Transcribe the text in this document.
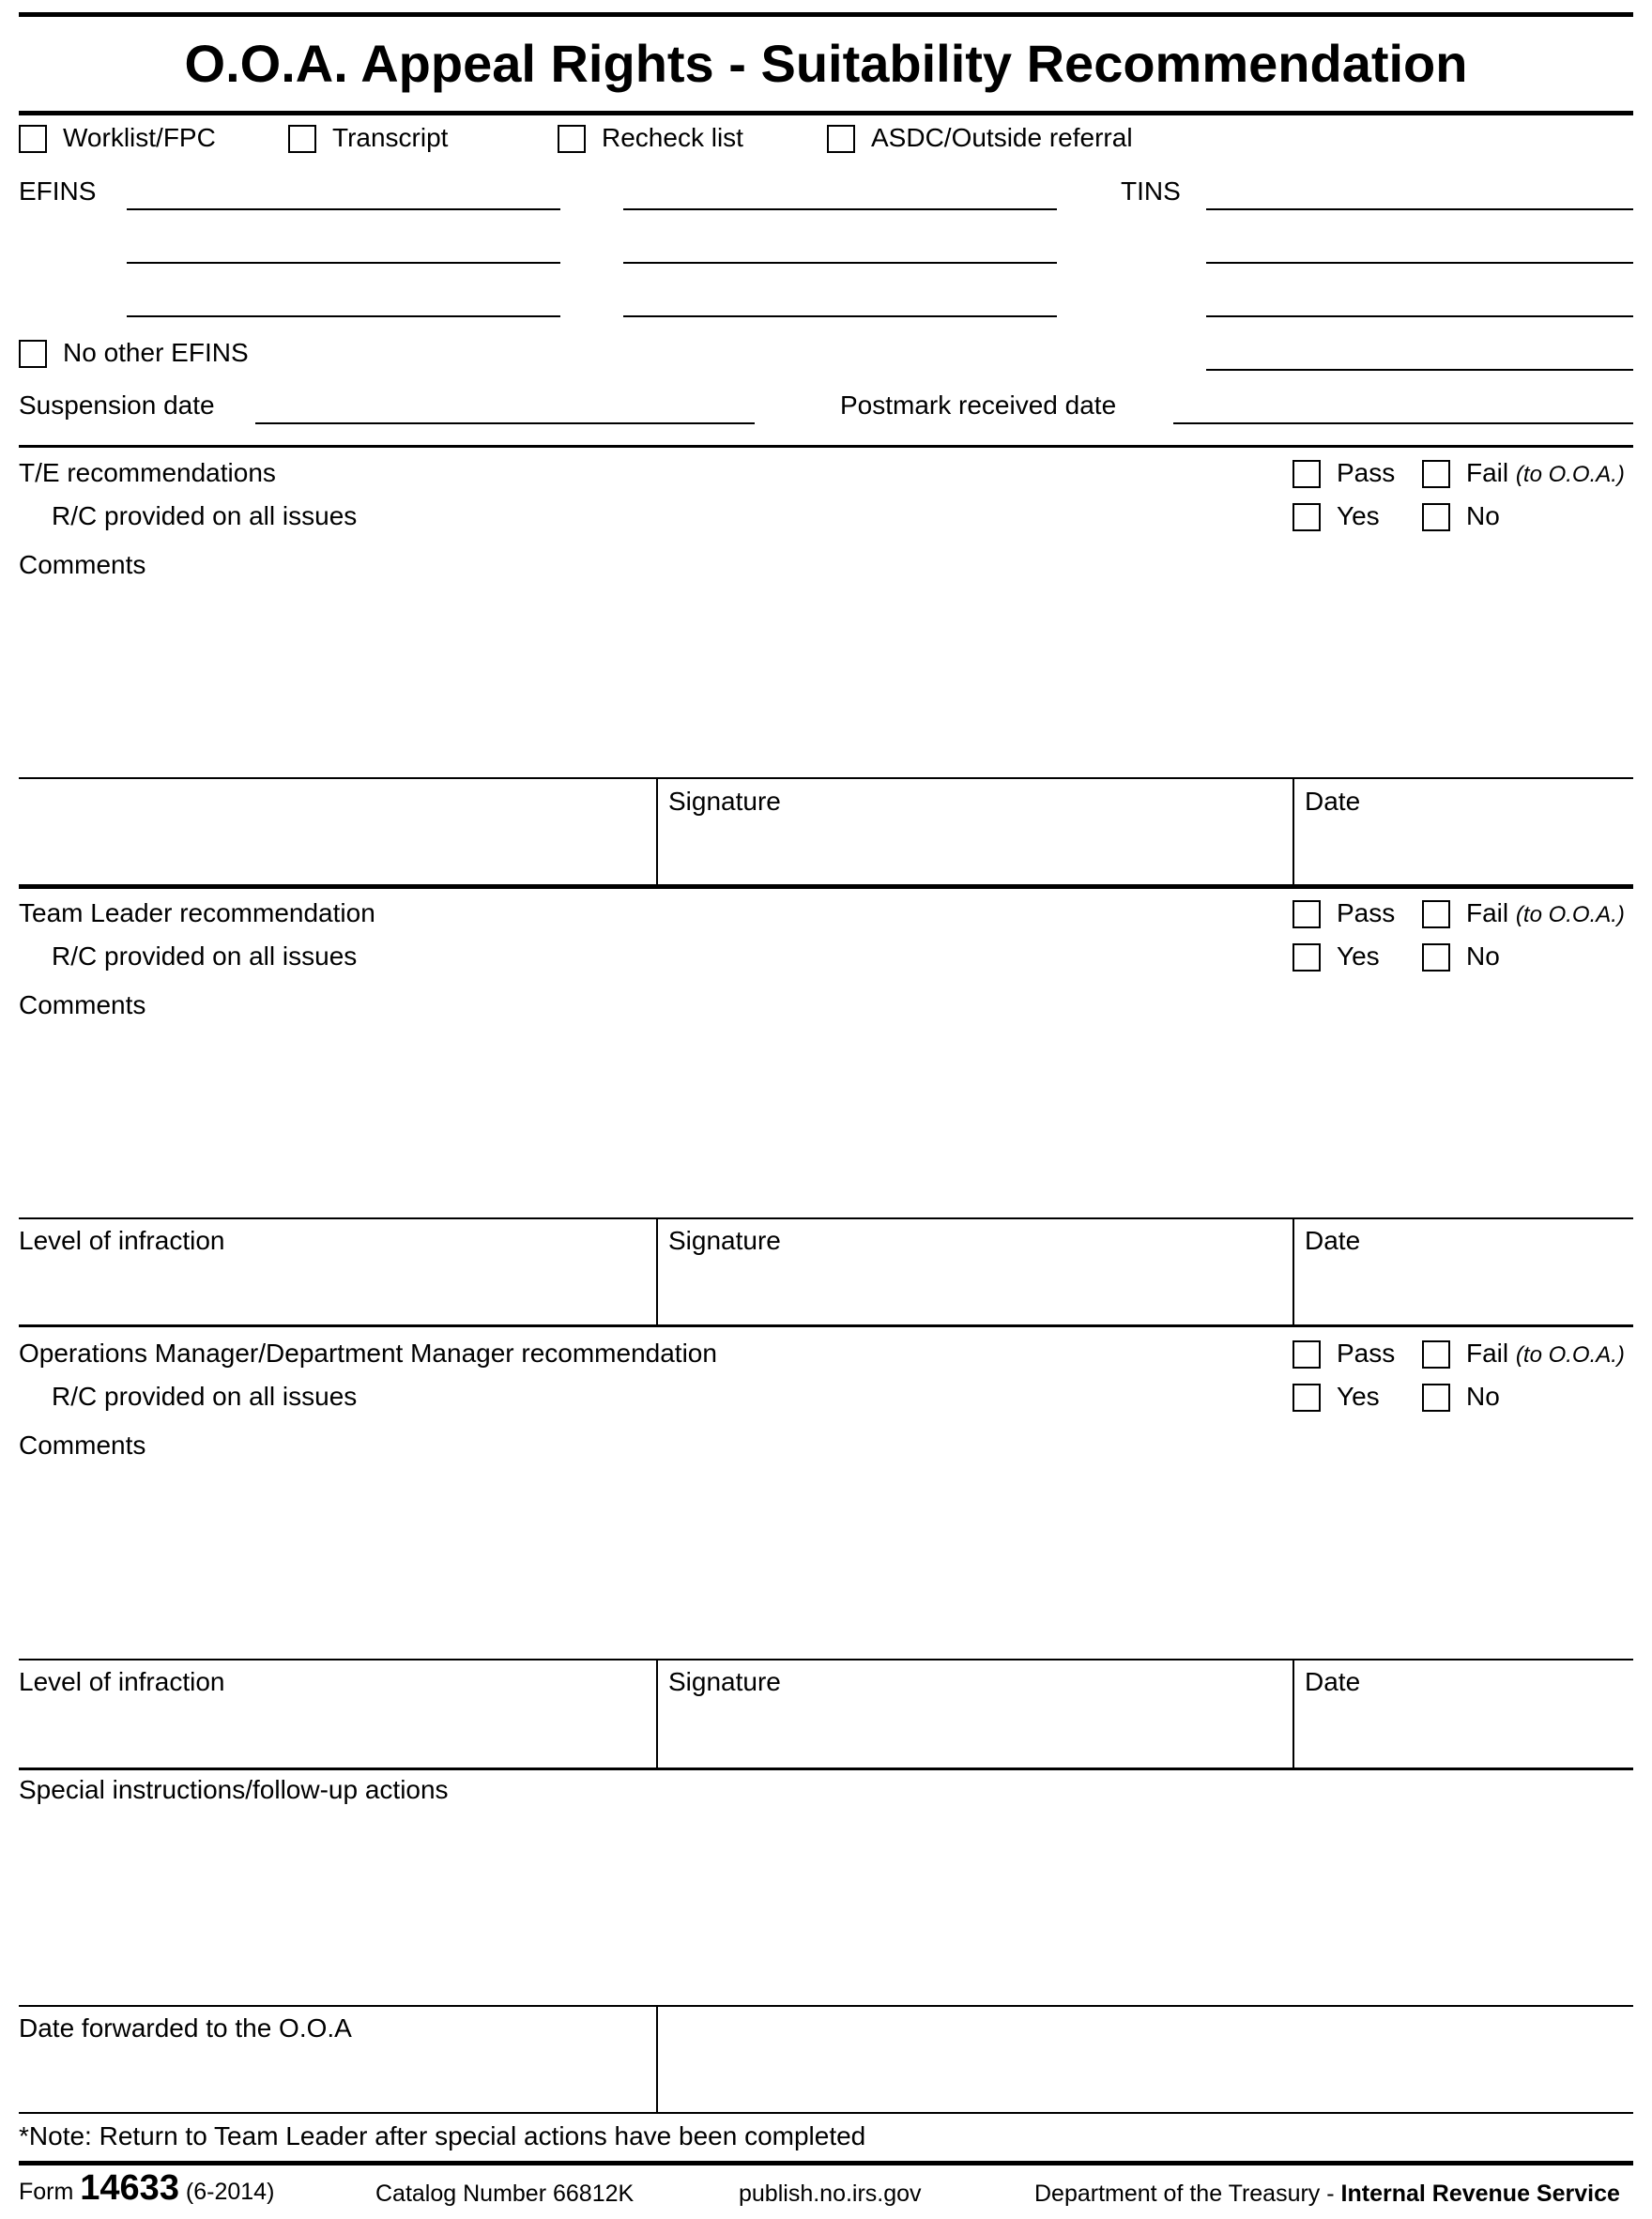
O.O.A. Appeal Rights - Suitability Recommendation
Worklist/FPC	Transcript	Recheck list	ASDC/Outside referral
EFINS	TINS
No other EFINS
Suspension date	Postmark received date
T/E recommendations
R/C provided on all issues
Comments
Pass	Fail (to O.O.A.)
Yes	No
Signature	Date
Team Leader recommendation
R/C provided on all issues
Comments
Pass	Fail (to O.O.A.)
Yes	No
Level of infraction	Signature	Date
Operations Manager/Department Manager recommendation
R/C provided on all issues
Comments
Pass	Fail (to O.O.A.)
Yes	No
Level of infraction	Signature	Date
Special instructions/follow-up actions
Date forwarded to the O.O.A
*Note: Return to Team Leader after special actions have been completed
Form 14633 (6-2014)	Catalog Number 66812K	publish.no.irs.gov	Department of the Treasury - Internal Revenue Service
